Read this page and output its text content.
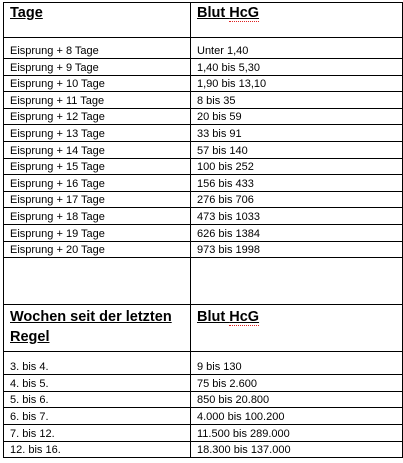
Tage	Blut HcG
Eisprung + 8 Tage	Unter 1,40
Eisprung + 9 Tage	1,40 bis 5,30
Eisprung + 10 Tage	1,90 bis 13,10
Eisprung + 11 Tage	8 bis 35
Eisprung + 12 Tage	20 bis 59
Eisprung + 13 Tage	33 bis 91
Eisprung + 14 Tage	57 bis 140
Eisprung + 15 Tage	100 bis 252
Eisprung + 16 Tage	156 bis 433
Eisprung + 17 Tage	276 bis 706
Eisprung + 18 Tage	473 bis 1033
Eisprung + 19 Tage	626 bis 1384
Eisprung + 20 Tage	973 bis 1998

Wochen seit der letzten Regel	Blut HcG

3. bis 4.	9 bis 130
4. bis 5.	75 bis 2.600
5. bis 6.	850 bis 20.800
6. bis 7.	4.000 bis 100.200
7. bis 12.	11.500 bis 289.000
12. bis 16.	18.300 bis 137.000
